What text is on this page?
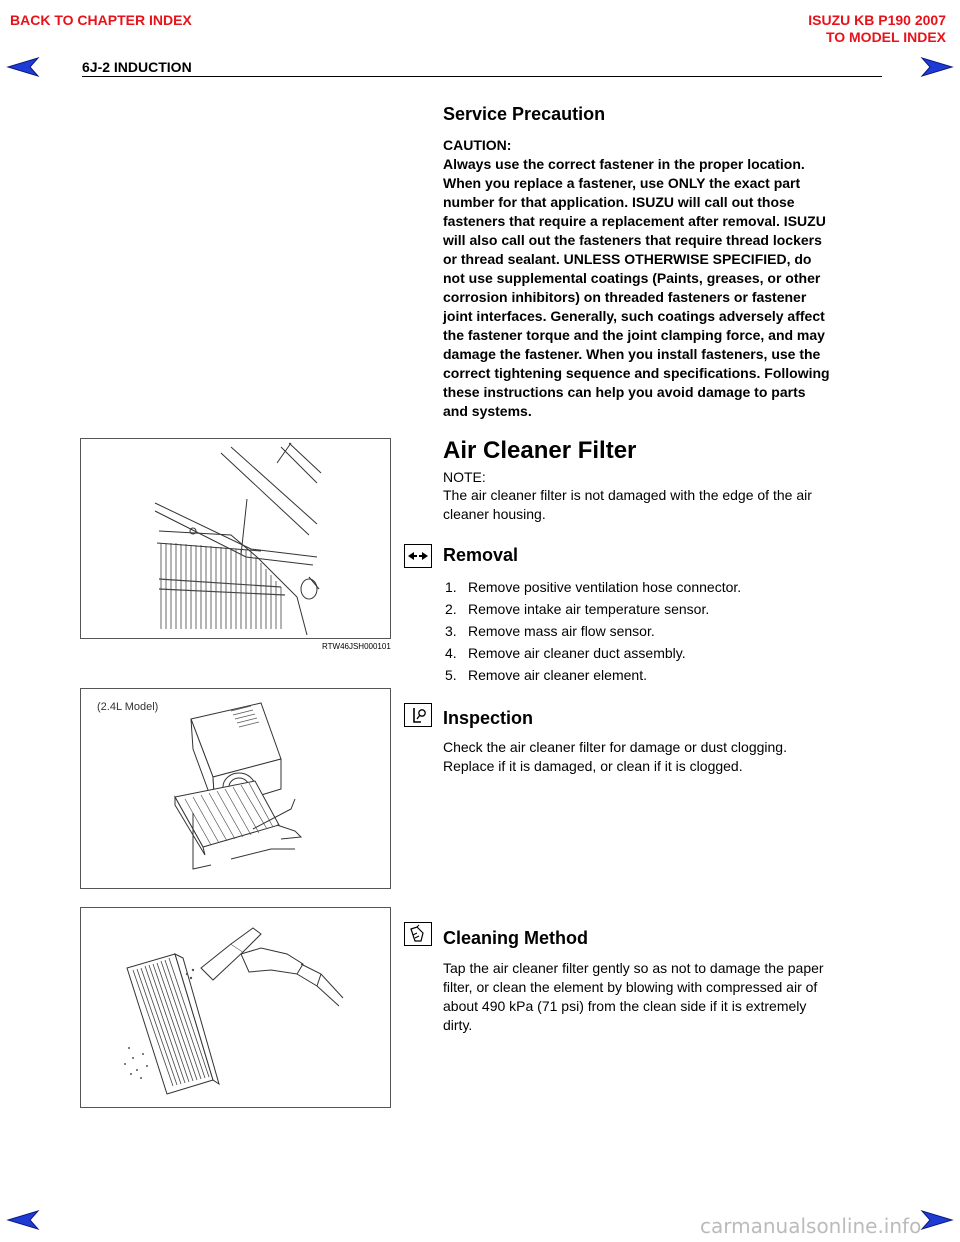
BACK TO CHAPTER INDEX	ISUZU KB P190 2007
TO MODEL INDEX
6J-2 INDUCTION
Service Precaution
CAUTION:
Always use the correct fastener in the proper location.
When you replace a fastener, use ONLY the exact part
number for that application. ISUZU will call out those
fasteners that require a replacement after removal. ISUZU
will also call out the fasteners that require thread lockers
or thread sealant. UNLESS OTHERWISE SPECIFIED, do
not use supplemental coatings (Paints, greases, or other
corrosion inhibitors) on threaded fasteners or fastener
joint interfaces. Generally, such coatings adversely affect
the fastener torque and the joint clamping force, and may
damage the fastener. When you install fasteners, use the
correct tightening sequence and specifications. Following
these instructions can help you avoid damage to parts
and systems.
RTW46JSH000101
Air Cleaner Filter
NOTE:
The air cleaner filter is not damaged with the edge of the air
cleaner housing.
Removal
1. Remove positive ventilation hose connector.
2. Remove intake air temperature sensor.
3. Remove mass air flow sensor.
4. Remove air cleaner duct assembly.
5. Remove air cleaner element.
(2.4L Model)
Inspection
Check the air cleaner filter for damage or dust clogging.
Replace if it is damaged, or clean if it is clogged.
Cleaning Method
Tap the air cleaner filter gently so as not to damage the paper
filter, or clean the element by blowing with compressed air of
about 490 kPa (71 psi) from the clean side if it is extremely
dirty.
carmanualsonline.info
